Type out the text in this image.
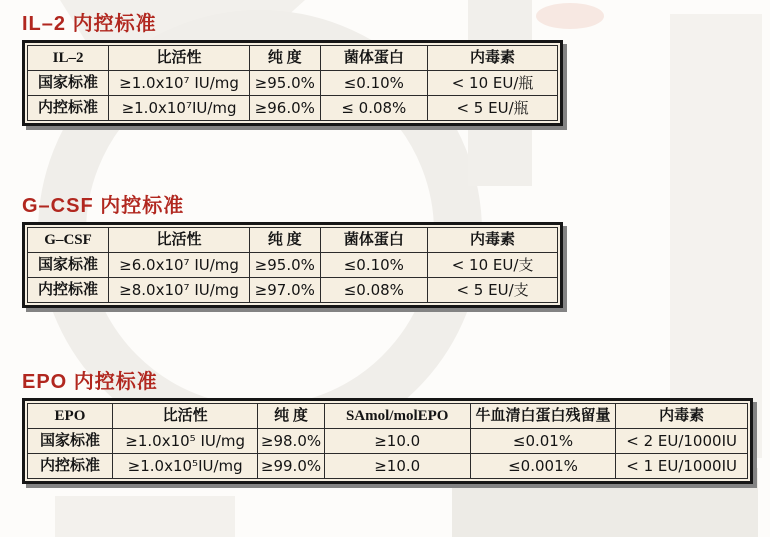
IL–2 内控标准
IL–2	比活性	纯 度	菌体蛋白	内毒素
国家标准	≥1.0x10⁷ IU/mg	≥95.0%	≤0.10%	< 10 EU/瓶
内控标准	≥1.0x10⁷IU/mg	≥96.0%	≤ 0.08%	< 5 EU/瓶
G–CSF 内控标准
G–CSF	比活性	纯 度	菌体蛋白	内毒素
国家标准	≥6.0x10⁷ IU/mg	≥95.0%	≤0.10%	< 10 EU/支
内控标准	≥8.0x10⁷ IU/mg	≥97.0%	≤0.08%	< 5 EU/支
EPO 内控标准
EPO	比活性	纯 度	SAmol/molEPO	牛血清白蛋白残留量	内毒素
国家标准	≥1.0x10⁵ IU/mg	≥98.0%	≥10.0	≤0.01%	< 2 EU/1000IU
内控标准	≥1.0x10⁵IU/mg	≥99.0%	≥10.0	≤0.001%	< 1 EU/1000IU
